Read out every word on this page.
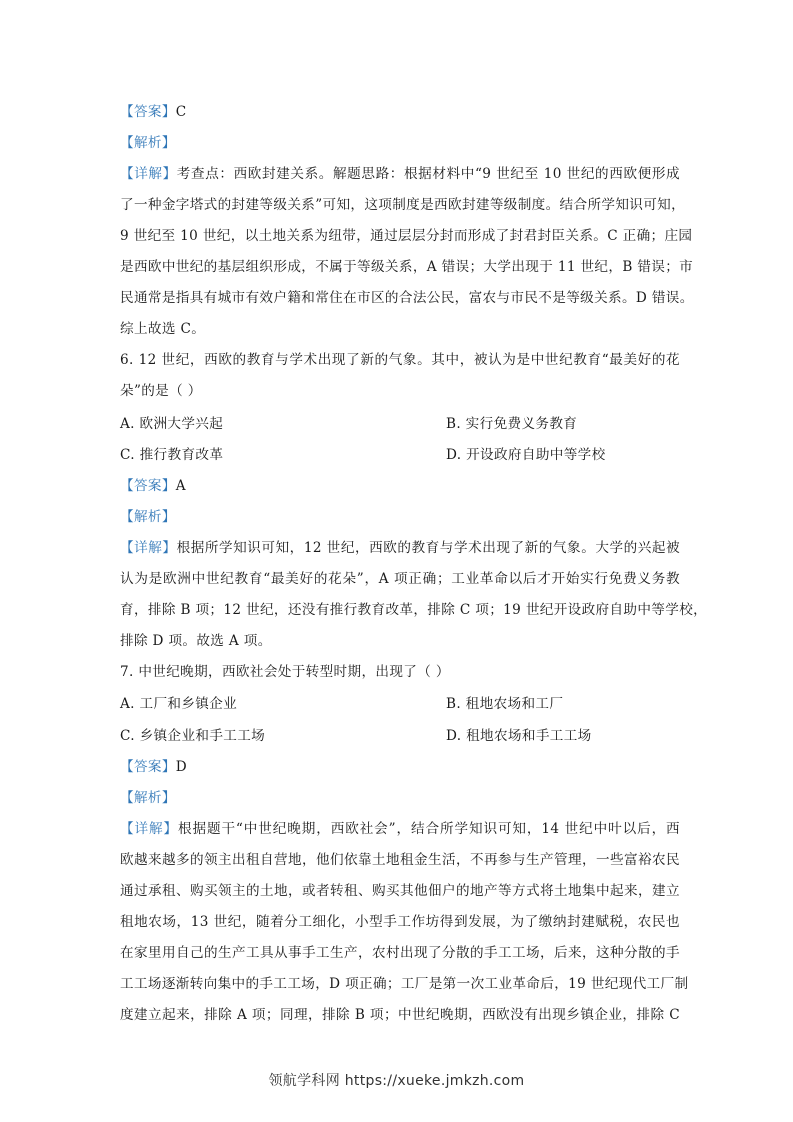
【答案】C
【解析】
【详解】考查点：西欧封建关系。解题思路：根据材料中“9 世纪至 10 世纪的西欧便形成
了一种金字塔式的封建等级关系”可知，这项制度是西欧封建等级制度。结合所学知识可知，
9 世纪至 10 世纪，以土地关系为纽带，通过层层分封而形成了封君封臣关系。C 正确；庄园
是西欧中世纪的基层组织形成，不属于等级关系，A 错误；大学出现于 11 世纪，B 错误；市
民通常是指具有城市有效户籍和常住在市区的合法公民，富农与市民不是等级关系。D 错误。
综上故选 C。
6. 12 世纪，西欧的教育与学术出现了新的气象。其中，被认为是中世纪教育“最美好的花
朵”的是（ ）
A. 欧洲大学兴起	B. 实行免费义务教育
C. 推行教育改革	D. 开设政府自助中等学校
【答案】A
【解析】
【详解】根据所学知识可知，12 世纪，西欧的教育与学术出现了新的气象。大学的兴起被
认为是欧洲中世纪教育“最美好的花朵”，A 项正确；工业革命以后才开始实行免费义务教
育，排除 B 项；12 世纪，还没有推行教育改革，排除 C 项；19 世纪开设政府自助中等学校，
排除 D 项。故选 A 项。
7. 中世纪晚期，西欧社会处于转型时期，出现了（ ）
A. 工厂和乡镇企业	B. 租地农场和工厂
C. 乡镇企业和手工工场	D. 租地农场和手工工场
【答案】D
【解析】
【详解】根据题干“中世纪晚期，西欧社会”，结合所学知识可知，14 世纪中叶以后，西
欧越来越多的领主出租自营地，他们依靠土地租金生活，不再参与生产管理，一些富裕农民
通过承租、购买领主的土地，或者转租、购买其他佃户的地产等方式将土地集中起来，建立
租地农场，13 世纪，随着分工细化，小型手工作坊得到发展，为了缴纳封建赋税，农民也
在家里用自己的生产工具从事手工生产，农村出现了分散的手工工场，后来，这种分散的手
工工场逐渐转向集中的手工工场，D 项正确；工厂是第一次工业革命后，19 世纪现代工厂制
度建立起来，排除 A 项；同理，排除 B 项；中世纪晚期，西欧没有出现乡镇企业，排除 C
领航学科网 https://xueke.jmkzh.com
